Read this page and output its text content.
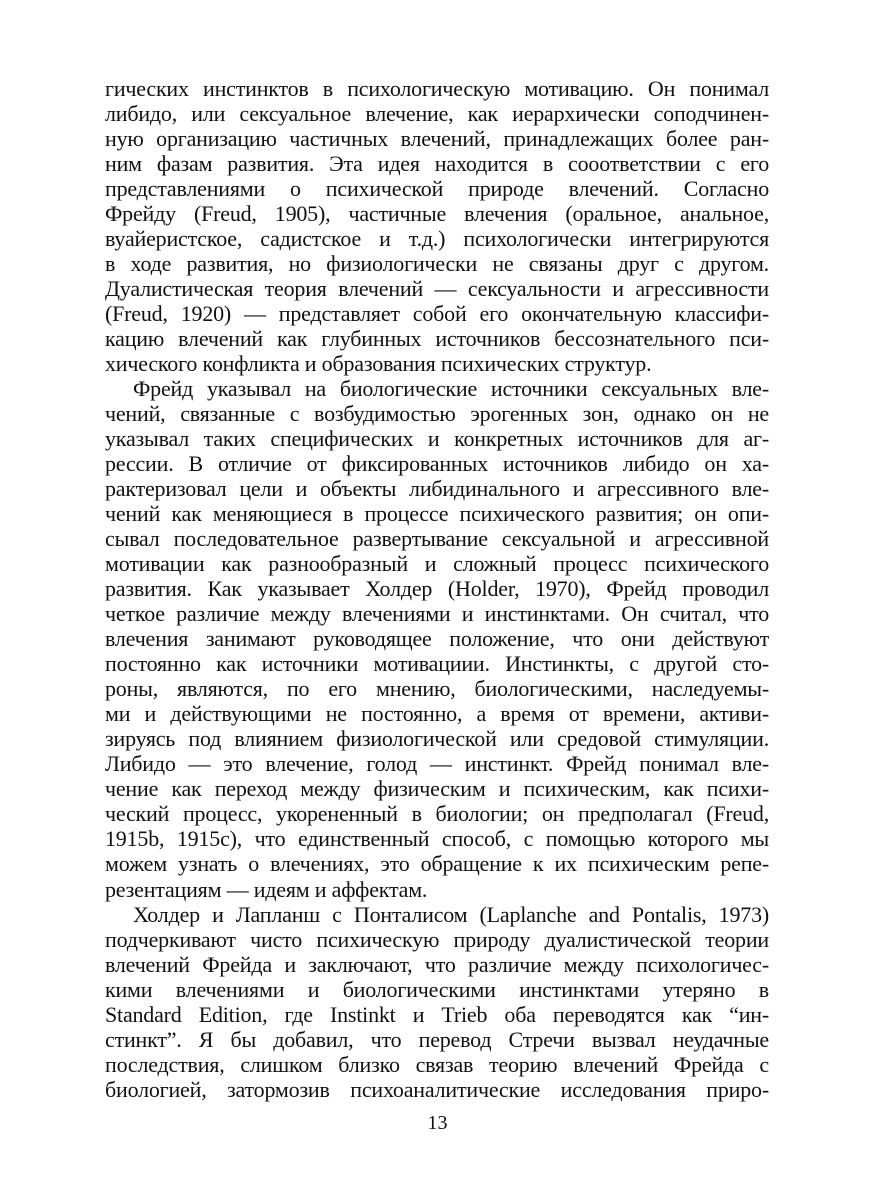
гических инстинктов в психологическую мотивацию. Он понимал
либидо, или сексуальное влечение, как иерархически соподчинен-
ную организацию частичных влечений, принадлежащих более ран-
ним фазам развития. Эта идея находится в сооответствии с его
представлениями о психической природе влечений. Согласно
Фрейду (Freud, 1905), частичные влечения (оральное, анальное,
вуайеристское, садистское и т.д.) психологически интегрируются
в ходе развития, но физиологически не связаны друг с другом.
Дуалистическая теория влечений — сексуальности и агрессивности
(Freud, 1920) — представляет собой его окончательную классифи-
кацию влечений как глубинных источников бессознательного пси-
хического конфликта и образования психических структур.
Фрейд указывал на биологические источники сексуальных вле-
чений, связанные с возбудимостью эрогенных зон, однако он не
указывал таких специфических и конкретных источников для аг-
рессии. В отличие от фиксированных источников либидо он ха-
рактеризовал цели и объекты либидинального и агрессивного вле-
чений как меняющиеся в процессе психического развития; он опи-
сывал последовательное развертывание сексуальной и агрессивной
мотивации как разнообразный и сложный процесс психического
развития. Как указывает Холдер (Holder, 1970), Фрейд проводил
четкое различие между влечениями и инстинктами. Он считал, что
влечения занимают руководящее положение, что они действуют
постоянно как источники мотивациии. Инстинкты, с другой сто-
роны, являются, по его мнению, биологическими, наследуемы-
ми и действующими не постоянно, а время от времени, активи-
зируясь под влиянием физиологической или средовой стимуляции.
Либидо — это влечение, голод — инстинкт. Фрейд понимал вле-
чение как переход между физическим и психическим, как психи-
ческий процесс, укорененный в биологии; он предполагал (Freud,
1915b, 1915c), что единственный способ, с помощью которого мы
можем узнать о влечениях, это обращение к их психическим репе-
резентациям — идеям и аффектам.
Холдер и Лапланш с Понталисом (Laplanche and Pontalis, 1973)
подчеркивают чисто психическую природу дуалистической теории
влечений Фрейда и заключают, что различие между психологичес-
кими влечениями и биологическими инстинктами утеряно в
Standard Edition, где Instinkt и Trieb оба переводятся как “ин-
стинкт”. Я бы добавил, что перевод Стречи вызвал неудачные
последствия, слишком близко связав теорию влечений Фрейда с
биологией, затормозив психоаналитические исследования приро-
13
